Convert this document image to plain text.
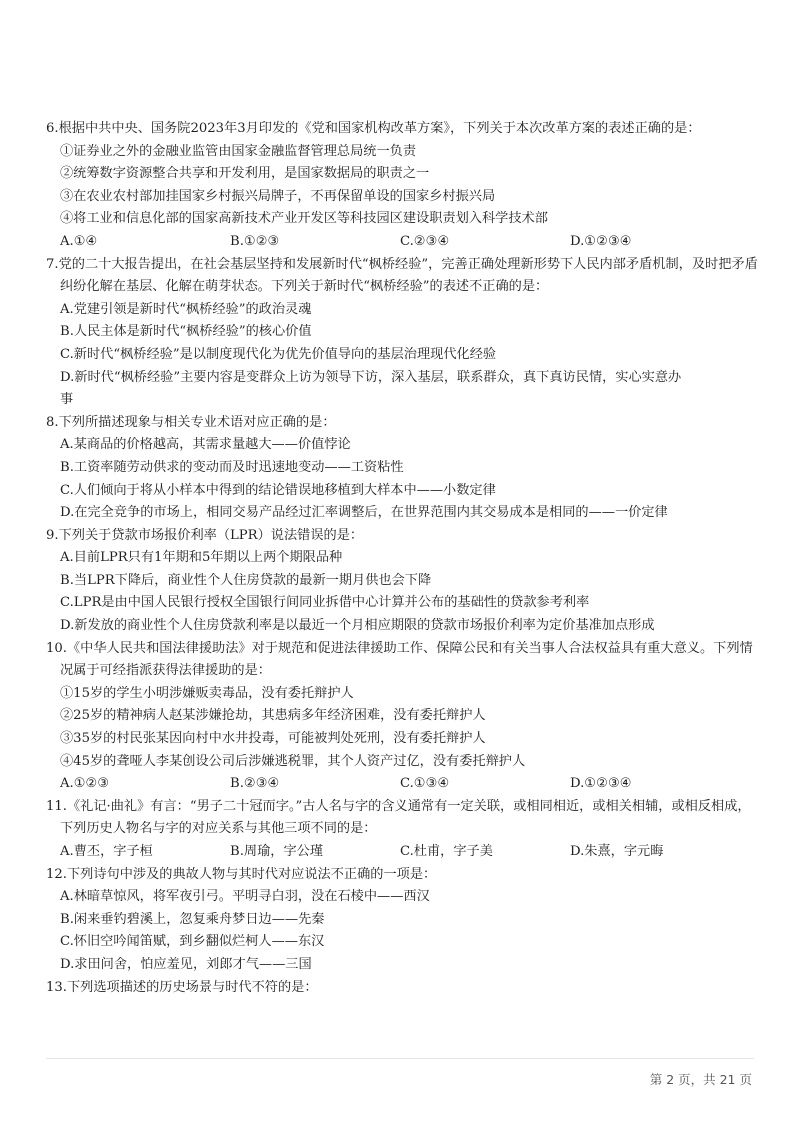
6.根据中共中央、国务院2023年3月印发的《党和国家机构改革方案》，下列关于本次改革方案的表述正确的是：
①证券业之外的金融业监管由国家金融监督管理总局统一负责
②统筹数字资源整合共享和开发利用，是国家数据局的职责之一
③在农业农村部加挂国家乡村振兴局牌子，不再保留单设的国家乡村振兴局
④将工业和信息化部的国家高新技术产业开发区等科技园区建设职责划入科学技术部
A.①④	B.①②③	C.②③④	D.①②③④
7.党的二十大报告提出，在社会基层坚持和发展新时代“枫桥经验”，完善正确处理新形势下人民内部矛盾机制，及时把矛盾纠纷化解在基层、化解在萌芽状态。下列关于新时代“枫桥经验”的表述不正确的是：
A.党建引领是新时代“枫桥经验”的政治灵魂
B.人民主体是新时代“枫桥经验”的核心价值
C.新时代“枫桥经验”是以制度现代化为优先价值导向的基层治理现代化经验
D.新时代“枫桥经验”主要内容是变群众上访为领导下访，深入基层，联系群众，真下真访民情，实心实意办
事
8.下列所描述现象与相关专业术语对应正确的是：
A.某商品的价格越高，其需求量越大——价值悖论
B.工资率随劳动供求的变动而及时迅速地变动——工资粘性
C.人们倾向于将从小样本中得到的结论错误地移植到大样本中——小数定律
D.在完全竞争的市场上，相同交易产品经过汇率调整后，在世界范围内其交易成本是相同的——一价定律
9.下列关于贷款市场报价利率（LPR）说法错误的是：
A.目前LPR只有1年期和5年期以上两个期限品种
B.当LPR下降后，商业性个人住房贷款的最新一期月供也会下降
C.LPR是由中国人民银行授权全国银行间同业拆借中心计算并公布的基础性的贷款参考利率
D.新发放的商业性个人住房贷款利率是以最近一个月相应期限的贷款市场报价利率为定价基准加点形成
10.《中华人民共和国法律援助法》对于规范和促进法律援助工作、保障公民和有关当事人合法权益具有重大意义。下列情况属于可经指派获得法律援助的是：
①15岁的学生小明涉嫌贩卖毒品，没有委托辩护人
②25岁的精神病人赵某涉嫌抢劫，其患病多年经济困难，没有委托辩护人
③35岁的村民张某因向村中水井投毒，可能被判处死刑，没有委托辩护人
④45岁的聋哑人李某创设公司后涉嫌逃税罪，其个人资产过亿，没有委托辩护人
A.①②③	B.②③④	C.①③④	D.①②③④
11.《礼记·曲礼》有言：“男子二十冠而字。”古人名与字的含义通常有一定关联，或相同相近，或相关相辅，或相反相成，下列历史人物名与字的对应关系与其他三项不同的是：
A.曹丕，字子桓	B.周瑜，字公瑾	C.杜甫，字子美	D.朱熹，字元晦
12.下列诗句中涉及的典故人物与其时代对应说法不正确的一项是：
A.林暗草惊风，将军夜引弓。平明寻白羽，没在石棱中——西汉
B.闲来垂钓碧溪上，忽复乘舟梦日边——先秦
C.怀旧空吟闻笛赋，到乡翻似烂柯人——东汉
D.求田问舍，怕应羞见，刘郎才气——三国
13.下列选项描述的历史场景与时代不符的是：
第 2 页，共 21 页
